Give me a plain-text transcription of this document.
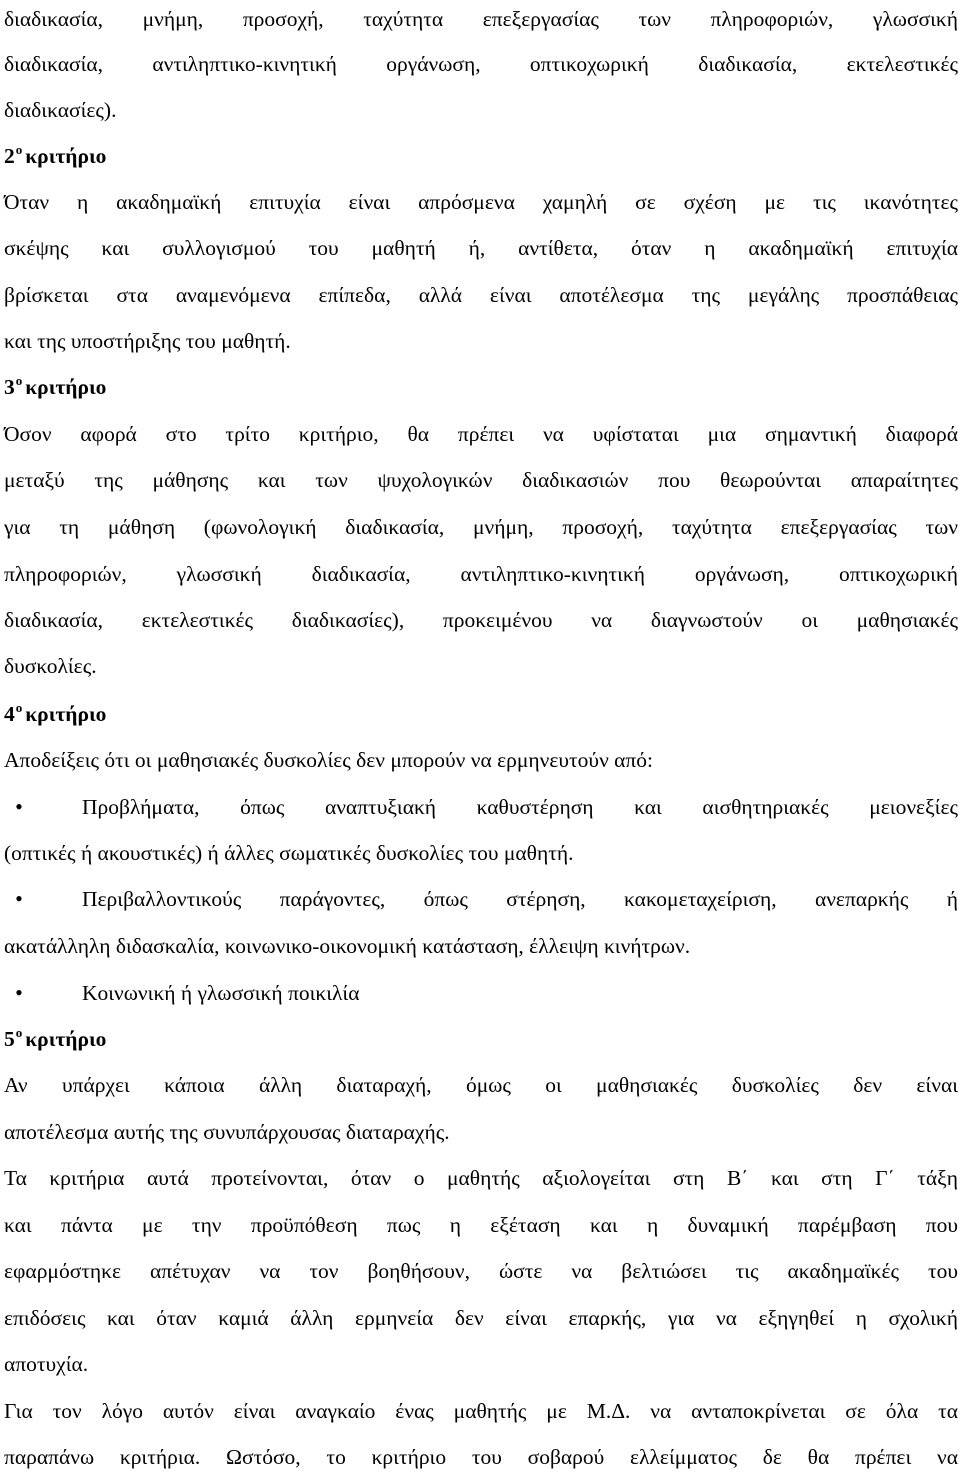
διαδικασία, μνήμη, προσοχή, ταχύτητα επεξεργασίας των πληροφοριών, γλωσσική
διαδικασία, αντιληπτικο-κινητική οργάνωση, οπτικοχωρική διαδικασία, εκτελεστικές
διαδικασίες).
$2^o$ κριτήριο
Όταν η ακαδημαϊκή επιτυχία είναι απρόσμενα χαμηλή σε σχέση με τις ικανότητες
σκέψης και συλλογισμού του μαθητή ή, αντίθετα, όταν η ακαδημαϊκή επιτυχία
βρίσκεται στα αναμενόμενα επίπεδα, αλλά είναι αποτέλεσμα της μεγάλης προσπάθειας
και της υποστήριξης του μαθητή.
$3^o$ κριτήριο
Όσον αφορά στο τρίτο κριτήριο, θα πρέπει να υφίσταται μια σημαντική διαφορά
μεταξύ της μάθησης και των ψυχολογικών διαδικασιών που θεωρούνται απαραίτητες
για τη μάθηση (φωνολογική διαδικασία, μνήμη, προσοχή, ταχύτητα επεξεργασίας των
πληροφοριών, γλωσσική διαδικασία, αντιληπτικο-κινητική οργάνωση, οπτικοχωρική
διαδικασία, εκτελεστικές διαδικασίες), προκειμένου να διαγνωστούν οι μαθησιακές
δυσκολίες.
$4^o$ κριτήριο
Αποδείξεις ότι οι μαθησιακές δυσκολίες δεν μπορούν να ερμηνευτούν από:
•	Προβλήματα, όπως αναπτυξιακή καθυστέρηση και αισθητηριακές μειονεξίες
(οπτικές ή ακουστικές) ή άλλες σωματικές δυσκολίες του μαθητή.
•	Περιβαλλοντικούς παράγοντες, όπως στέρηση, κακομεταχείριση, ανεπαρκής ή
ακατάλληλη διδασκαλία, κοινωνικο-οικονομική κατάσταση, έλλειψη κινήτρων.
•	Κοινωνική ή γλωσσική ποικιλία
$5^o$ κριτήριο
Αν υπάρχει κάποια άλλη διαταραχή, όμως οι μαθησιακές δυσκολίες δεν είναι
αποτέλεσμα αυτής της συνυπάρχουσας διαταραχής.
Τα κριτήρια αυτά προτείνονται, όταν ο μαθητής αξιολογείται στη Β΄ και στη Γ΄ τάξη
και πάντα με την προϋπόθεση πως η εξέταση και η δυναμική παρέμβαση που
εφαρμόστηκε απέτυχαν να τον βοηθήσουν, ώστε να βελτιώσει τις ακαδημαϊκές του
επιδόσεις και όταν καμιά άλλη ερμηνεία δεν είναι επαρκής, για να εξηγηθεί η σχολική
αποτυχία.
Για τον λόγο αυτόν είναι αναγκαίο ένας μαθητής με Μ.Δ. να ανταποκρίνεται σε όλα τα
παραπάνω κριτήρια. Ωστόσο, το κριτήριο του σοβαρού ελλείμματος δε θα πρέπει να
